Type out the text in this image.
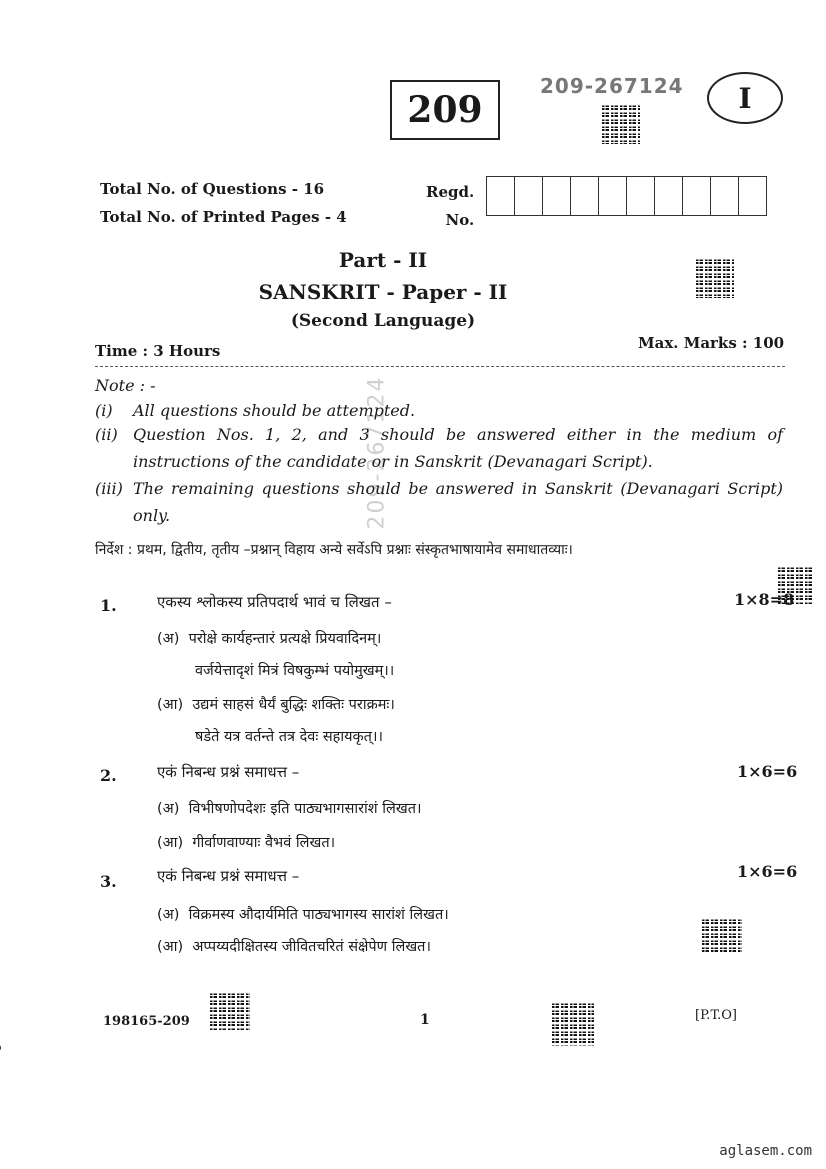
209
209-267124 I
Total No. of Questions - 16
Total No. of Printed Pages - 4
Regd.
No.
Part - II
SANSKRIT - Paper - II
(Second Language)
Time : 3 Hours	Max. Marks : 100
209-267124
Note : -
(i) All questions should be attempted.
(ii) Question Nos. 1, 2, and 3 should be answered either in the medium of instructions of the candidate or in Sanskrit (Devanagari Script).
(iii) The remaining questions should be answered in Sanskrit (Devanagari Script) only.
निर्देश : प्रथम, द्वितीय, तृतीय –प्रश्नान् विहाय अन्ये सर्वेऽपि प्रश्नाः संस्कृतभाषायामेव समाधातव्याः।
1.	एकस्य श्लोकस्य प्रतिपदार्थ भावं च लिखत –	1×8=8
(अ) परोक्षे कार्यहन्तारं प्रत्यक्षे प्रियवादिनम्।
वर्जयेत्तादृशं मित्रं विषकुम्भं पयोमुखम्।।
(आ) उद्यमं साहसं धैर्यं बुद्धिः शक्तिः पराक्रमः।
षडेते यत्र वर्तन्ते तत्र देवः सहायकृत्।।
2.	एकं निबन्ध प्रश्नं समाधत्त –	1×6=6
(अ) विभीषणोपदेशः इति पाठ्यभागसारांशं लिखत।
(आ) गीर्वाणवाण्याः वैभवं लिखत।
3.	एकं निबन्ध प्रश्नं समाधत्त –	1×6=6
(अ) विक्रमस्य औदार्यमिति पाठ्यभागस्य सारांशं लिखत।
(आ) अप्पय्यदीक्षितस्य जीवितचरितं संक्षेपेण लिखत।
198165-209	1	[P.T.O]
aglasem.com
